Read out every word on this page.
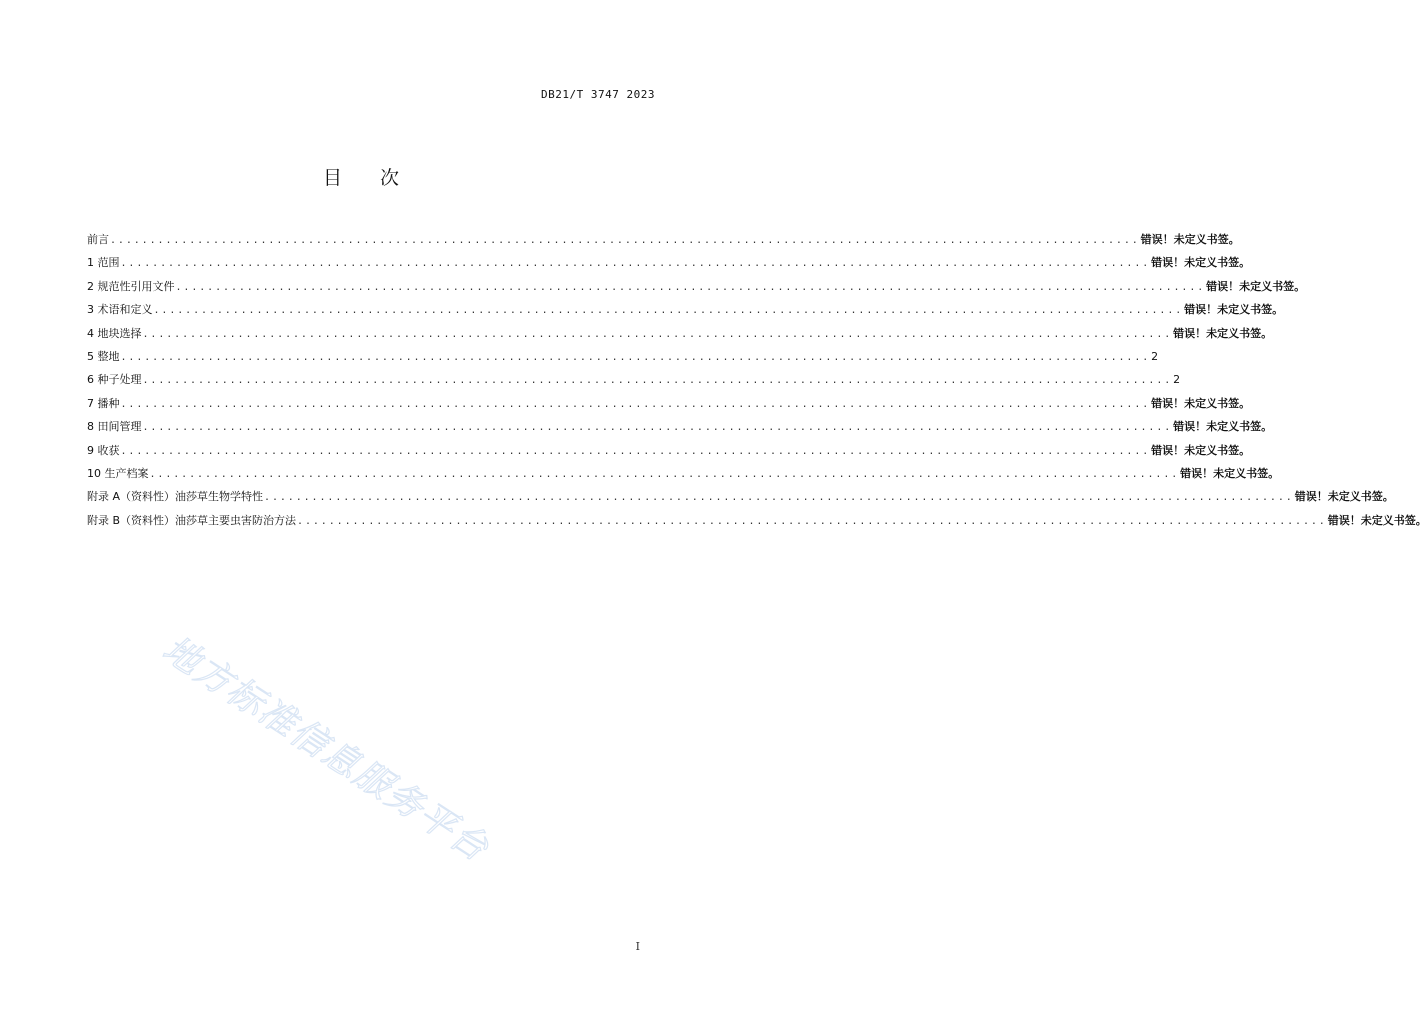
DB21/T 3747 2023
目 次
前言 .................................................................................................................................. 错误！未定义书签。
1 范围 .................................................................................................................................. 错误！未定义书签。
2 规范性引用文件 .................................................................................................................................. 错误！未定义书签。
3 术语和定义 .................................................................................................................................. 错误！未定义书签。
4 地块选择 .................................................................................................................................. 错误！未定义书签。
5 整地 .................................................................................................................................. 2
6 种子处理 .................................................................................................................................. 2
7 播种 .................................................................................................................................. 错误！未定义书签。
8 田间管理 .................................................................................................................................. 错误！未定义书签。
9 收获 .................................................................................................................................. 错误！未定义书签。
10 生产档案 .................................................................................................................................. 错误！未定义书签。
附录 A（资料性）油莎草生物学特性 .................................................................................................................................. 错误！未定义书签。
附录 B（资料性）油莎草主要虫害防治方法 .................................................................................................................................. 错误！未定义书签。
地方标准信息服务平台
I
